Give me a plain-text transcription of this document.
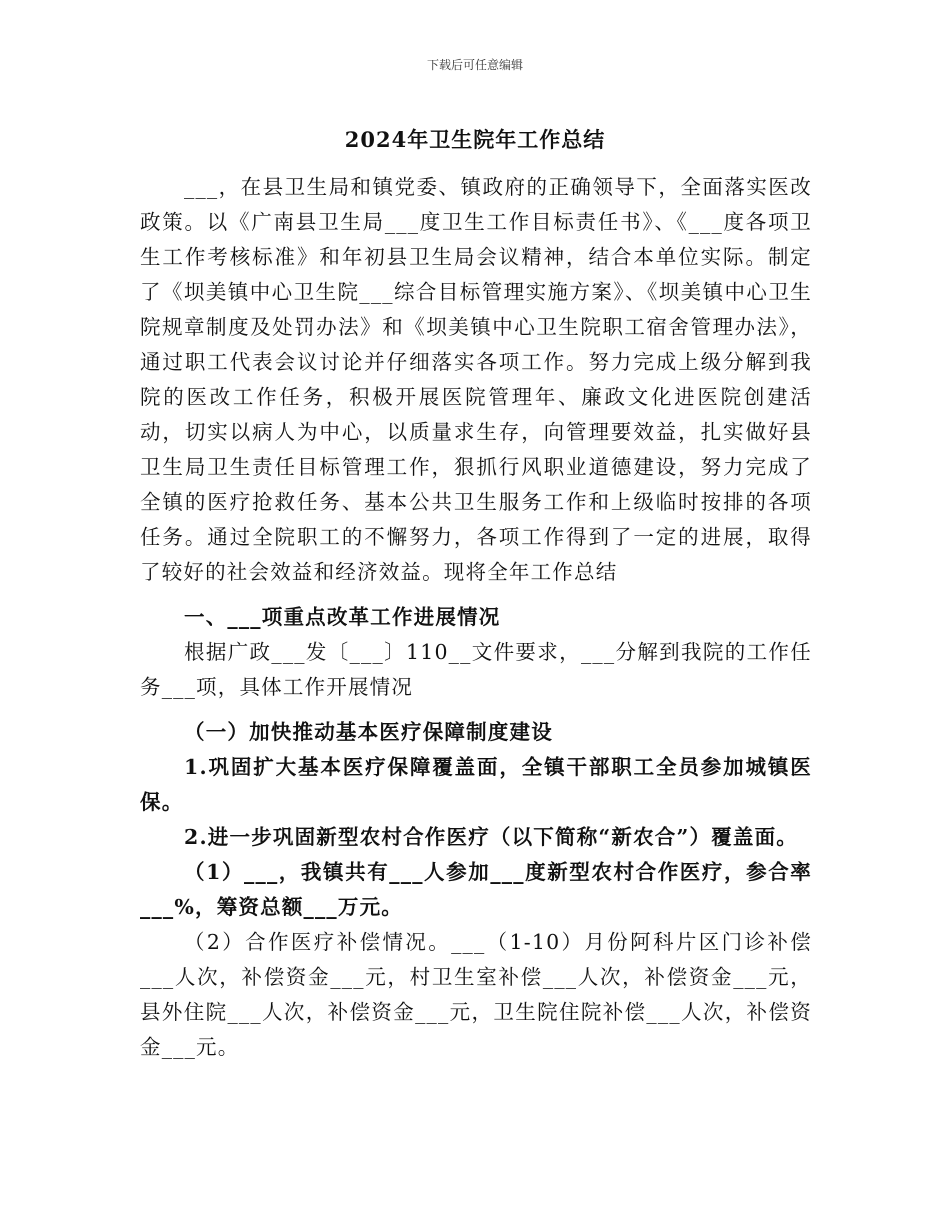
下载后可任意编辑
2024年卫生院年工作总结

___，在县卫生局和镇党委、镇政府的正确领导下，全面落实医改政策。以《广南县卫生局___度卫生工作目标责任书》、《___度各项卫生工作考核标准》和年初县卫生局会议精神，结合本单位实际。制定了《坝美镇中心卫生院___综合目标管理实施方案》、《坝美镇中心卫生院规章制度及处罚办法》和《坝美镇中心卫生院职工宿舍管理办法》，通过职工代表会议讨论并仔细落实各项工作。努力完成上级分解到我院的医改工作任务，积极开展医院管理年、廉政文化进医院创建活动，切实以病人为中心，以质量求生存，向管理要效益，扎实做好县卫生局卫生责任目标管理工作，狠抓行风职业道德建设，努力完成了全镇的医疗抢救任务、基本公共卫生服务工作和上级临时按排的各项任务。通过全院职工的不懈努力，各项工作得到了一定的进展，取得了较好的社会效益和经济效益。现将全年工作总结

一、___项重点改革工作进展情况

根据广政___发〔___〕110__文件要求，___分解到我院的工作任务___项，具体工作开展情况

（一）加快推动基本医疗保障制度建设

1.巩固扩大基本医疗保障覆盖面，全镇干部职工全员参加城镇医保。

2.进一步巩固新型农村合作医疗（以下简称“新农合”）覆盖面。

（1）___，我镇共有___人参加___度新型农村合作医疗，参合率___%，筹资总额___万元。

（2）合作医疗补偿情况。___（1-10）月份阿科片区门诊补偿___人次，补偿资金___元，村卫生室补偿___人次，补偿资金___元，县外住院___人次，补偿资金___元，卫生院住院补偿___人次，补偿资金___元。
